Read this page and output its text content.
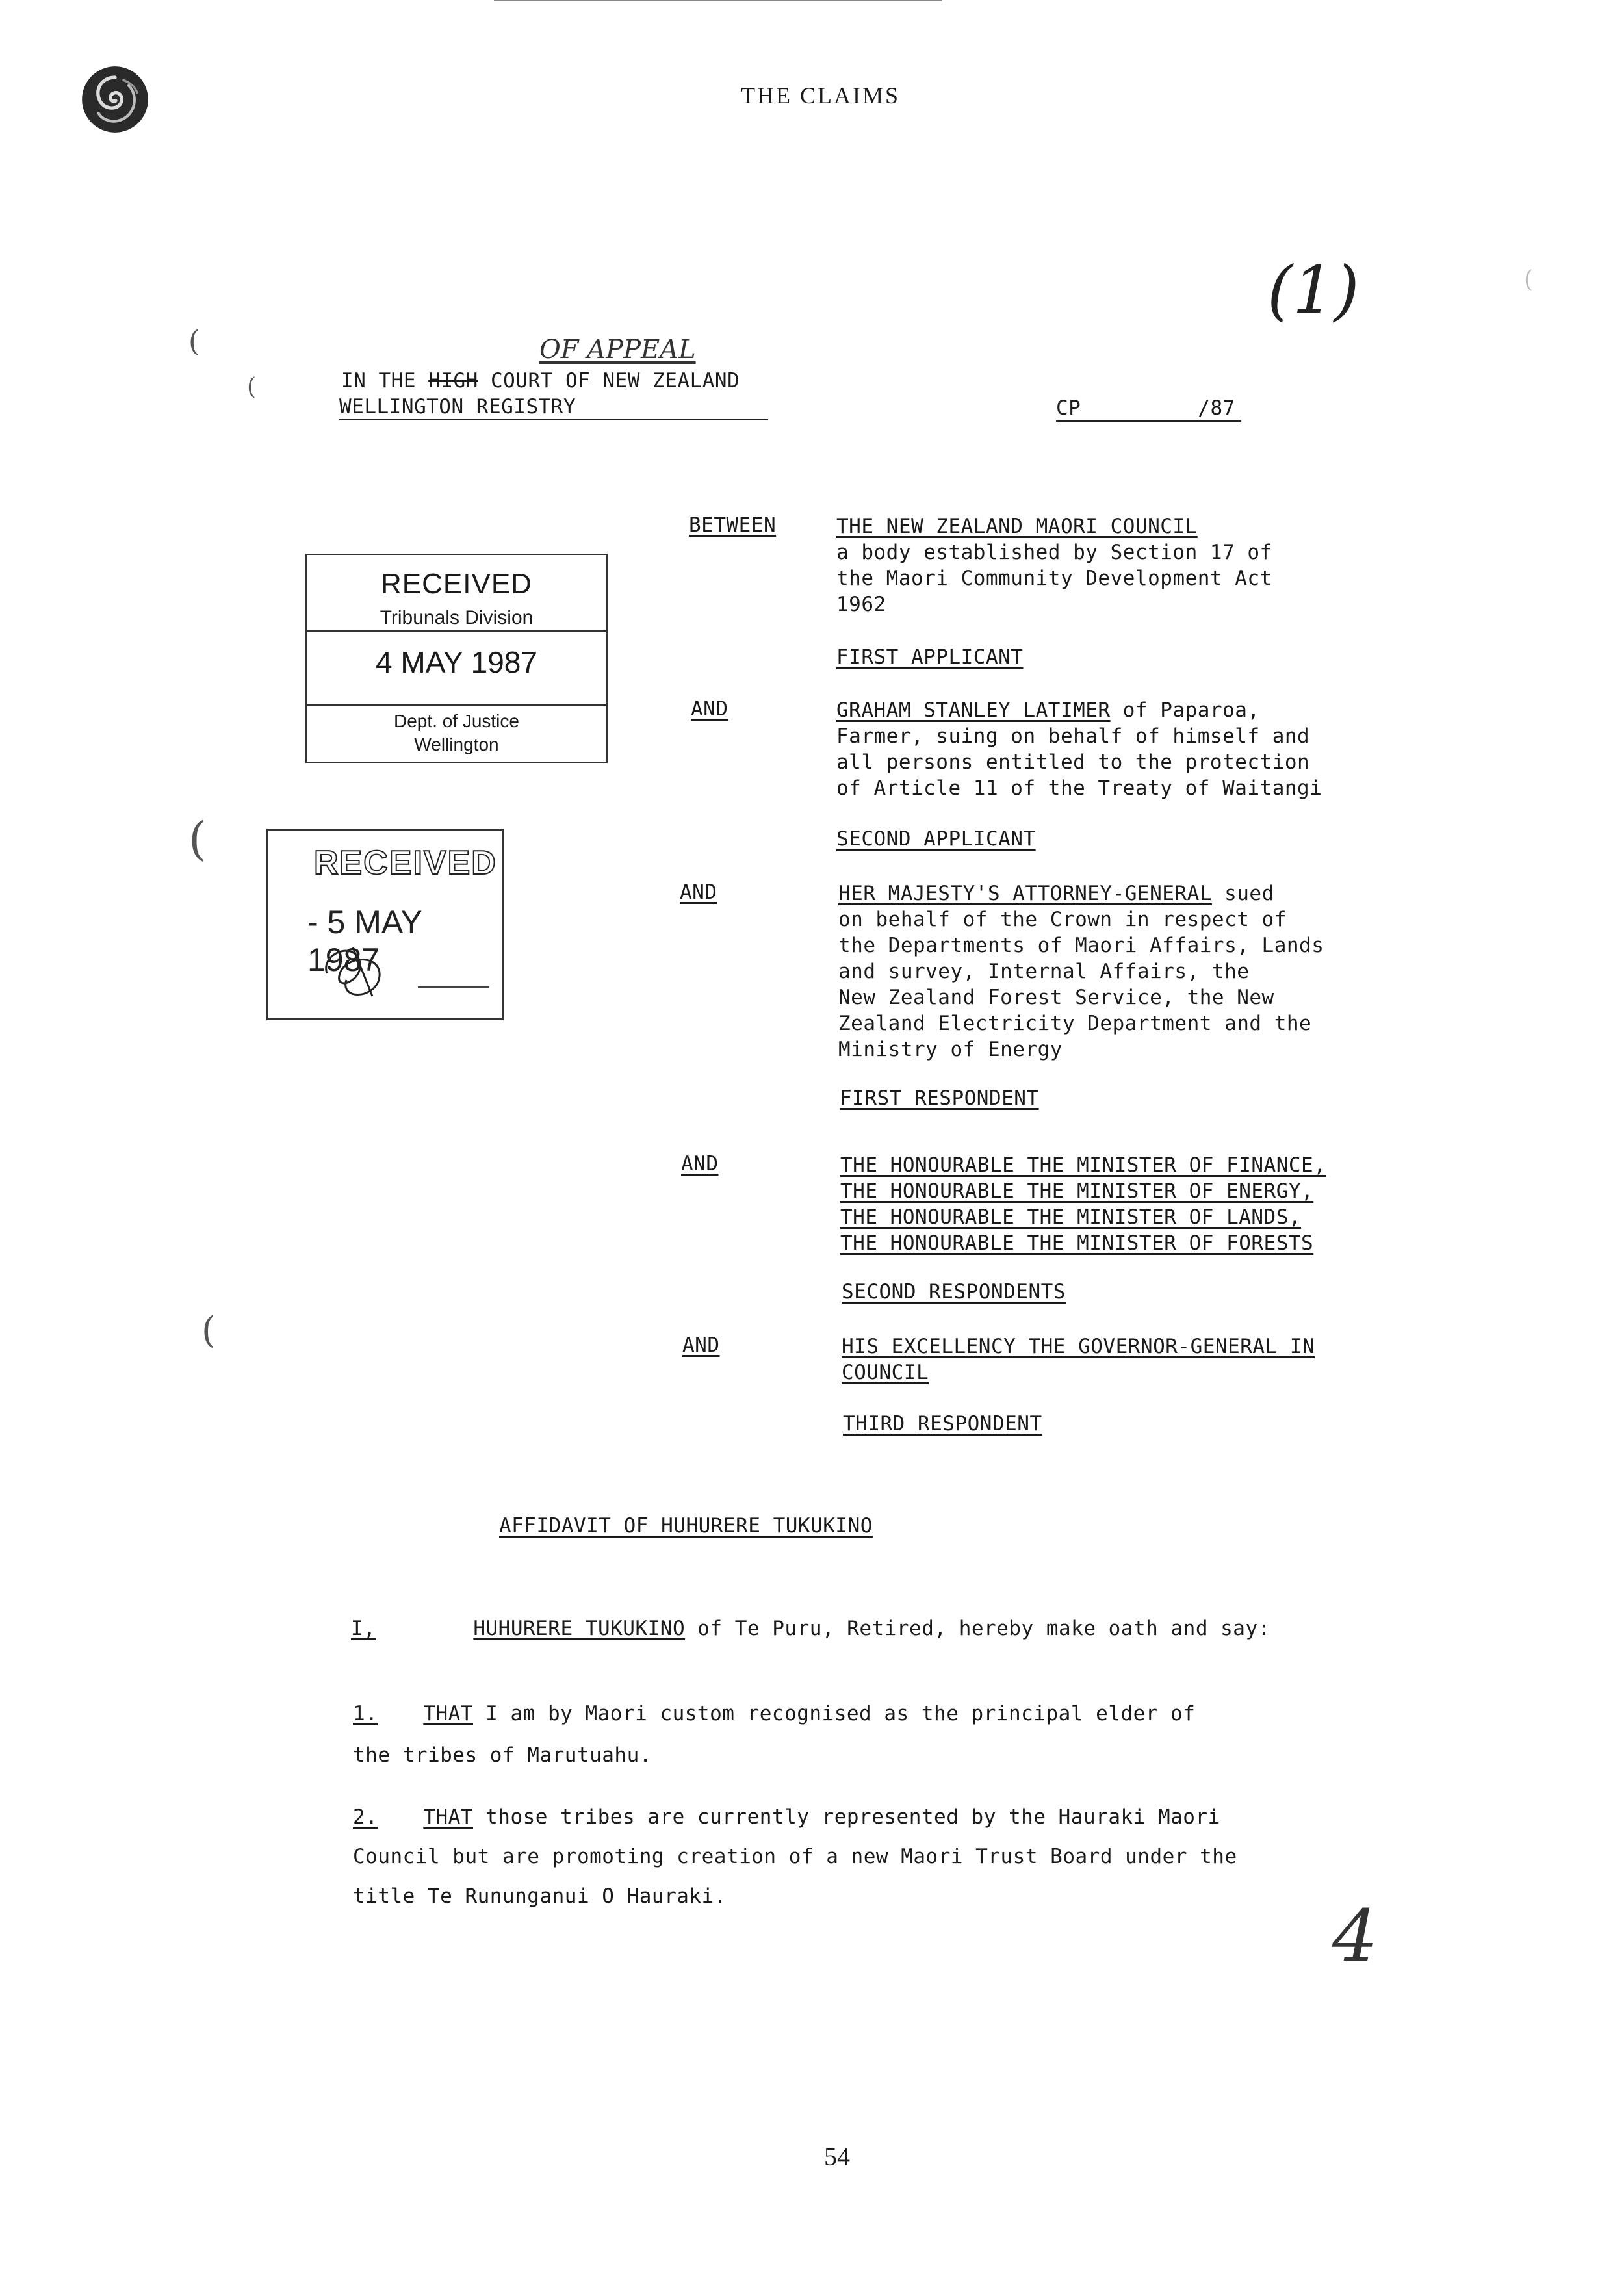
THE CLAIMS
(1)
OF APPEAL
IN THE HIGH COURT OF NEW ZEALAND
WELLINGTON REGISTRY	CP	/87
RECEIVED
Tribunals Division
4 MAY 1987
Dept. of Justice
Wellington
RECEIVED
- 5 MAY 1987
BETWEEN	THE NEW ZEALAND MAORI COUNCIL
a body established by Section 17 of
the Maori Community Development Act
1962
FIRST APPLICANT
AND	GRAHAM STANLEY LATIMER of Paparoa,
Farmer, suing on behalf of himself and
all persons entitled to the protection
of Article 11 of the Treaty of Waitangi
SECOND APPLICANT
AND	HER MAJESTY'S ATTORNEY-GENERAL sued
on behalf of the Crown in respect of
the Departments of Maori Affairs, Lands
and survey, Internal Affairs, the
New Zealand Forest Service, the New
Zealand Electricity Department and the
Ministry of Energy
FIRST RESPONDENT
AND	THE HONOURABLE THE MINISTER OF FINANCE,
THE HONOURABLE THE MINISTER OF ENERGY,
THE HONOURABLE THE MINISTER OF LANDS,
THE HONOURABLE THE MINISTER OF FORESTS
SECOND RESPONDENTS
AND	HIS EXCELLENCY THE GOVERNOR-GENERAL IN
COUNCIL
THIRD RESPONDENT
AFFIDAVIT OF HUHURERE TUKUKINO
I,	HUHURERE TUKUKINO of Te Puru, Retired, hereby make oath and say:
1. THAT I am by Maori custom recognised as the principal elder of
the tribes of Marutuahu.
2. THAT those tribes are currently represented by the Hauraki Maori
Council but are promoting creation of a new Maori Trust Board under the
title Te Rununganui O Hauraki.	4
54
(
(
(
(
(
